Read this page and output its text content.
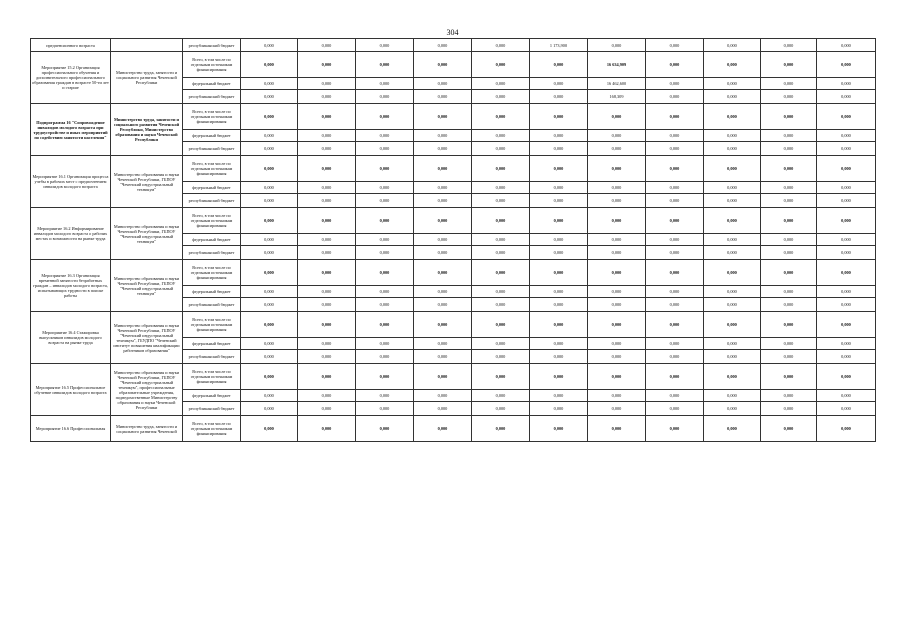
304
предпенсионного возраста		республиканский бюджет	0,000	0,000	0,000	0,000	0,000	1 173,900	0,000	0,000	0,000	0,000	0,000
Мероприятие 15.2 Организация профессионального обучения и дополнительного профессионального образования граждан в возрасте 50-ти лет и старше	Министерство труда, занятости и социального развития Чеченской Республики	Всего, в том числе по отдельным источникам финансирования	0,000	0,000	0,000	0,000	0,000	0,000	16 634,909	0,000	0,000	0,000	0,000
		федеральный бюджет	0,000	0,000	0,000	0,000	0,000	0,000	16 462,600	0,000	0,000	0,000	0,000
		республиканский бюджет	0,000	0,000	0,000	0,000	0,000	0,000	168,309	0,000	0,000	0,000	0,000
Подпрограмма 16 "Сопровождение инвалидов молодого возраста при трудоустройстве и иных мероприятий по содействию занятости населения"	Министерство труда, занятости и социального развития Чеченской Республики, Министерство образования и науки Чеченской Республики	Всего, в том числе по отдельным источникам финансирования	0,000	0,000	0,000	0,000	0,000	0,000	0,000	0,000	0,000	0,000	0,000
		федеральный бюджет	0,000	0,000	0,000	0,000	0,000	0,000	0,000	0,000	0,000	0,000	0,000
		республиканский бюджет	0,000	0,000	0,000	0,000	0,000	0,000	0,000	0,000	0,000	0,000	0,000
Мероприятие 16.1 Организация процесса учебы в рабочих мест с предпочтением инвалидов молодого возраста	Министерство образования и науки Чеченской Республики, ГБПОУ "Чеченский индустриальный техникум"	Всего, в том числе по отдельным источникам финансирования	0,000	0,000	0,000	0,000	0,000	0,000	0,000	0,000	0,000	0,000	0,000
		федеральный бюджет	0,000	0,000	0,000	0,000	0,000	0,000	0,000	0,000	0,000	0,000	0,000
		республиканский бюджет	0,000	0,000	0,000	0,000	0,000	0,000	0,000	0,000	0,000	0,000	0,000
Мероприятие 16.2 Информирование инвалидов молодого возраста о рабочих местах и возможности на рынке труда	Министерство образования и науки Чеченской Республики, ГБПОУ "Чеченский индустриальный техникум"	Всего, в том числе по отдельным источникам финансирования	0,000	0,000	0,000	0,000	0,000	0,000	0,000	0,000	0,000	0,000	0,000
		федеральный бюджет	0,000	0,000	0,000	0,000	0,000	0,000	0,000	0,000	0,000	0,000	0,000
		республиканский бюджет	0,000	0,000	0,000	0,000	0,000	0,000	0,000	0,000	0,000	0,000	0,000
Мероприятие 16.3 Организация временной занятости безработных граждан – инвалидов молодого возраста, испытывающих трудности в поиске работы	Министерство образования и науки Чеченской Республики, ГБПОУ "Чеченский индустриальный техникум"	Всего, в том числе по отдельным источникам финансирования	0,000	0,000	0,000	0,000	0,000	0,000	0,000	0,000	0,000	0,000	0,000
		федеральный бюджет	0,000	0,000	0,000	0,000	0,000	0,000	0,000	0,000	0,000	0,000	0,000
		республиканский бюджет	0,000	0,000	0,000	0,000	0,000	0,000	0,000	0,000	0,000	0,000	0,000
Мероприятие 16.4 Стажировка выпускников инвалидов молодого возраста на рынке труда	Министерство образования и науки Чеченской Республики, ГБПОУ "Чеченский индустриальный техникум", ГБУДПО "Чеченский институт повышения квалификации работников образования"	Всего, в том числе по отдельным источникам финансирования	0,000	0,000	0,000	0,000	0,000	0,000	0,000	0,000	0,000	0,000	0,000
		федеральный бюджет	0,000	0,000	0,000	0,000	0,000	0,000	0,000	0,000	0,000	0,000	0,000
		республиканский бюджет	0,000	0,000	0,000	0,000	0,000	0,000	0,000	0,000	0,000	0,000	0,000
Мероприятие 16.5 Профессиональное обучение инвалидов молодого возраста	Министерство образования и науки Чеченской Республики, ГБПОУ "Чеченский индустриальный техникум", профессиональные образовательные учреждения, подведомственные Министерству образования и науки Чеченской Республики	Всего, в том числе по отдельным источникам финансирования	0,000	0,000	0,000	0,000	0,000	0,000	0,000	0,000	0,000	0,000	0,000
		федеральный бюджет	0,000	0,000	0,000	0,000	0,000	0,000	0,000	0,000	0,000	0,000	0,000
		республиканский бюджет	0,000	0,000	0,000	0,000	0,000	0,000	0,000	0,000	0,000	0,000	0,000
Мероприятие 16.6 Профессиональная	Министерство труда, занятости и социального развития Чеченской	Всего, в том числе по отдельным источникам финансирования	0,000	0,000	0,000	0,000	0,000	0,000	0,000	0,000	0,000	0,000	0,000
